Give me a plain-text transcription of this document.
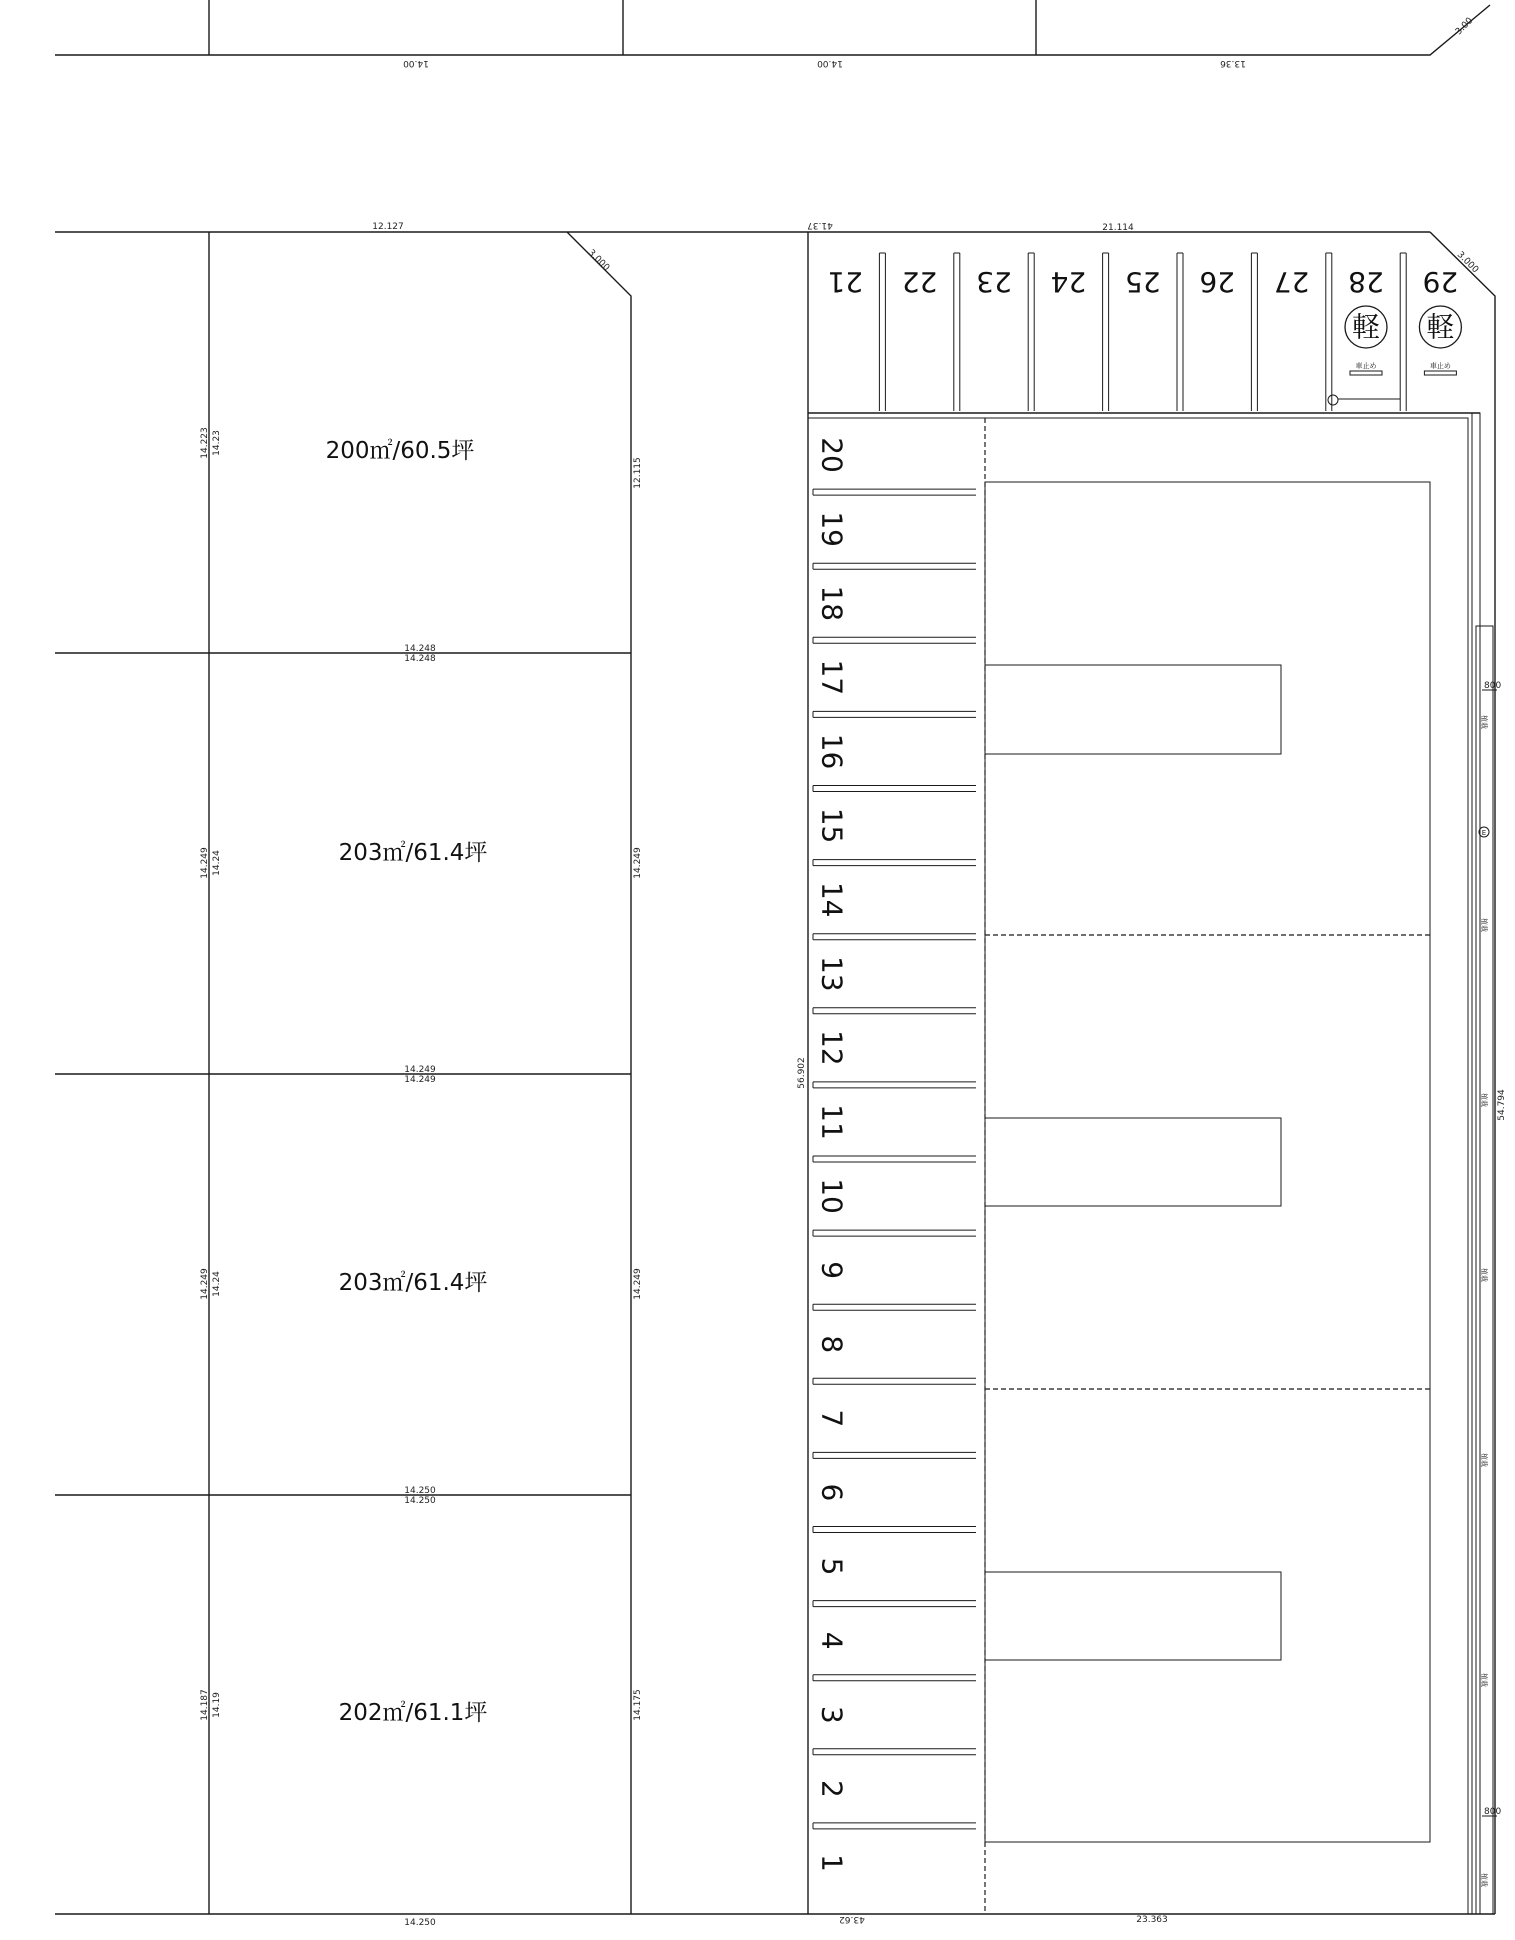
14.00	14.00	13.36
3.00
41.37	21.114
43.62	23.363
12.127
3.000
12.115
200㎡/60.5坪
203㎡/61.4坪
203㎡/61.4坪
202㎡/61.1坪
14.223 14.23
14.249 14.24
14.249 14.24
14.187 14.19
14.248
14.248
14.249
14.249
14.250
14.250
14.249
14.249
14.175
14.250
56.902
3.000
800
800
54.794
E
植栽
植栽
植栽
植栽
植栽
植栽
植栽
20
19
18
17
16
15
14
13
12
11
10
9
8
7
6
5
4
3
2
1
21 22 23 24 25 26 27 28
軽
車止め
29
軽
車止め
